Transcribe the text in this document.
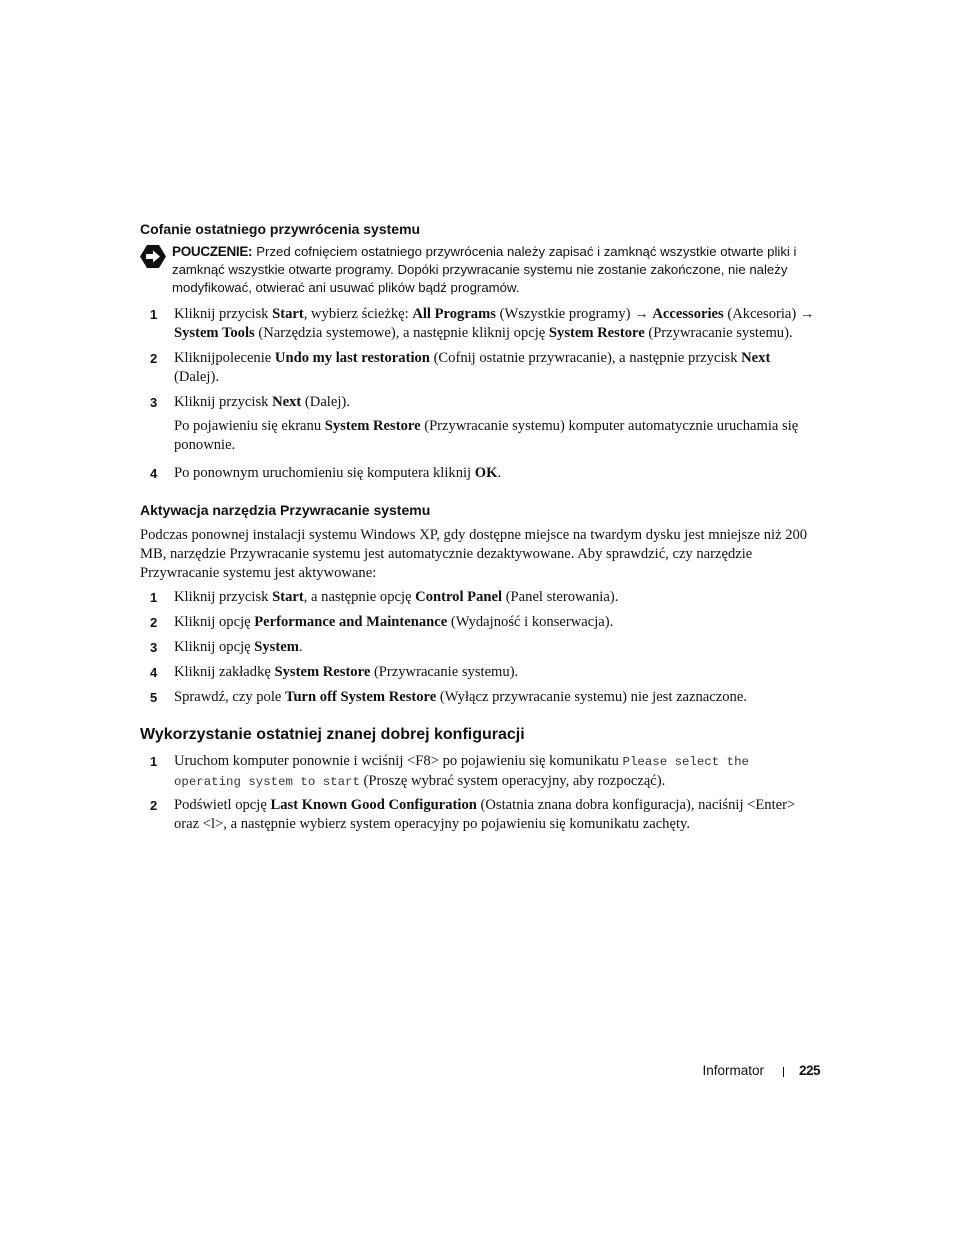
Cofanie ostatniego przywrócenia systemu
POUCZENIE: Przed cofnięciem ostatniego przywrócenia należy zapisać i zamknąć wszystkie otwarte pliki i zamknąć wszystkie otwarte programy. Dopóki przywracanie systemu nie zostanie zakończone, nie należy modyfikować, otwierać ani usuwać plików bądź programów.
1 Kliknij przycisk Start, wybierz ścieżkę: All Programs (Wszystkie programy) → Accessories (Akcesoria) → System Tools (Narzędzia systemowe), a następnie kliknij opcję System Restore (Przywracanie systemu).
2 Kliknijpolecenie Undo my last restoration (Cofnij ostatnie przywracanie), a następnie przycisk Next (Dalej).
3 Kliknij przycisk Next (Dalej).
Po pojawieniu się ekranu System Restore (Przywracanie systemu) komputer automatycznie uruchamia się ponownie.
4 Po ponownym uruchomieniu się komputera kliknij OK.
Aktywacja narzędzia Przywracanie systemu
Podczas ponownej instalacji systemu Windows XP, gdy dostępne miejsce na twardym dysku jest mniejsze niż 200 MB, narzędzie Przywracanie systemu jest automatycznie dezaktywowane. Aby sprawdzić, czy narzędzie Przywracanie systemu jest aktywowane:
1 Kliknij przycisk Start, a następnie opcję Control Panel (Panel sterowania).
2 Kliknij opcję Performance and Maintenance (Wydajność i konserwacja).
3 Kliknij opcję System.
4 Kliknij zakładkę System Restore (Przywracanie systemu).
5 Sprawdź, czy pole Turn off System Restore (Wyłącz przywracanie systemu) nie jest zaznaczone.
Wykorzystanie ostatniej znanej dobrej konfiguracji
1 Uruchom komputer ponownie i wciśnij <F8> po pojawieniu się komunikatu Please select the operating system to start (Proszę wybrać system operacyjny, aby rozpocząć).
2 Podświetl opcję Last Known Good Configuration (Ostatnia znana dobra konfiguracja), naciśnij <Enter> oraz <l>, a następnie wybierz system operacyjny po pojawieniu się komunikatu zachęty.
Informator	225
